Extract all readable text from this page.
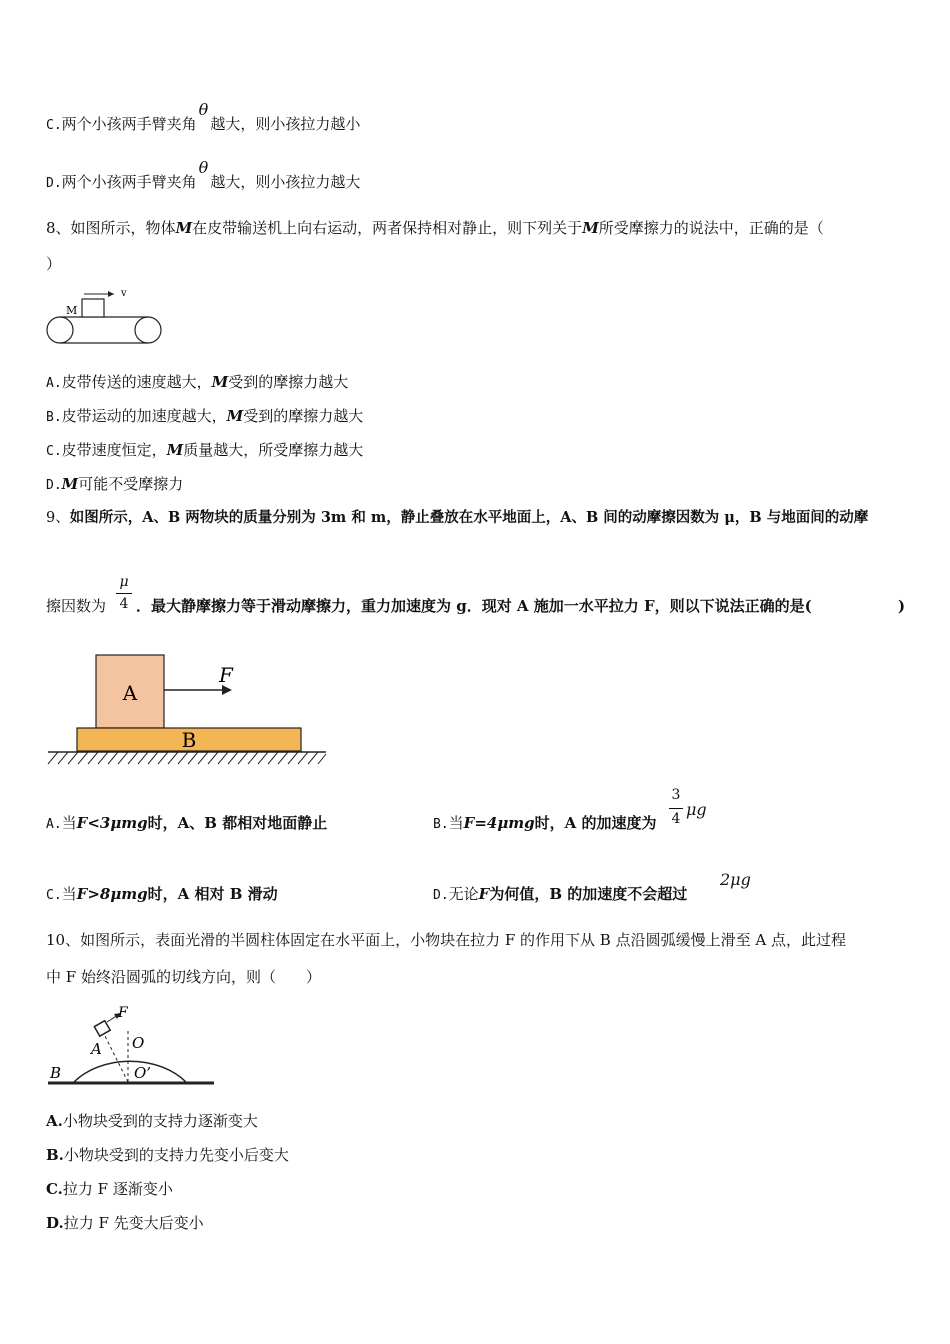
C.两个小孩两手臂夹角θ越大，则小孩拉力越小
D.两个小孩两手臂夹角θ越大，则小孩拉力越大
8、如图所示，物体M在皮带输送机上向右运动，两者保持相对静止，则下列关于M所受摩擦力的说法中，正确的是（
）
M
v
A.皮带传送的速度越大，M受到的摩擦力越大
B.皮带运动的加速度越大，M受到的摩擦力越大
C.皮带速度恒定，M质量越大，所受摩擦力越大
D.M可能不受摩擦力
9、如图所示，A、B 两物块的质量分别为 3m 和 m，静止叠放在水平地面上，A、B 间的动摩擦因数为 μ，B 与地面间的动摩
μ
4
擦因数为 ．最大静摩擦力等于滑动摩擦力，重力加速度为 g．现对 A 施加一水平拉力 F，则以下说法正确的是(	)
A
F
B
A.当F<3μmg时，A、B 都相对地面静止	B.当F=4μmg时，A 的加速度为
3
4 μg
C.当F>8μmg时，A 相对 B 滑动	D.无论F为何值，B 的加速度不会超过
2μg
10、如图所示，表面光滑的半圆柱体固定在水平面上，小物块在拉力 F 的作用下从 B 点沿圆弧缓慢上滑至 A 点，此过程
中 F 始终沿圆弧的切线方向，则（　　）
F
A O
O’
B
A.小物块受到的支持力逐渐变大
B.小物块受到的支持力先变小后变大
C.拉力 F 逐渐变小
D.拉力 F 先变大后变小
